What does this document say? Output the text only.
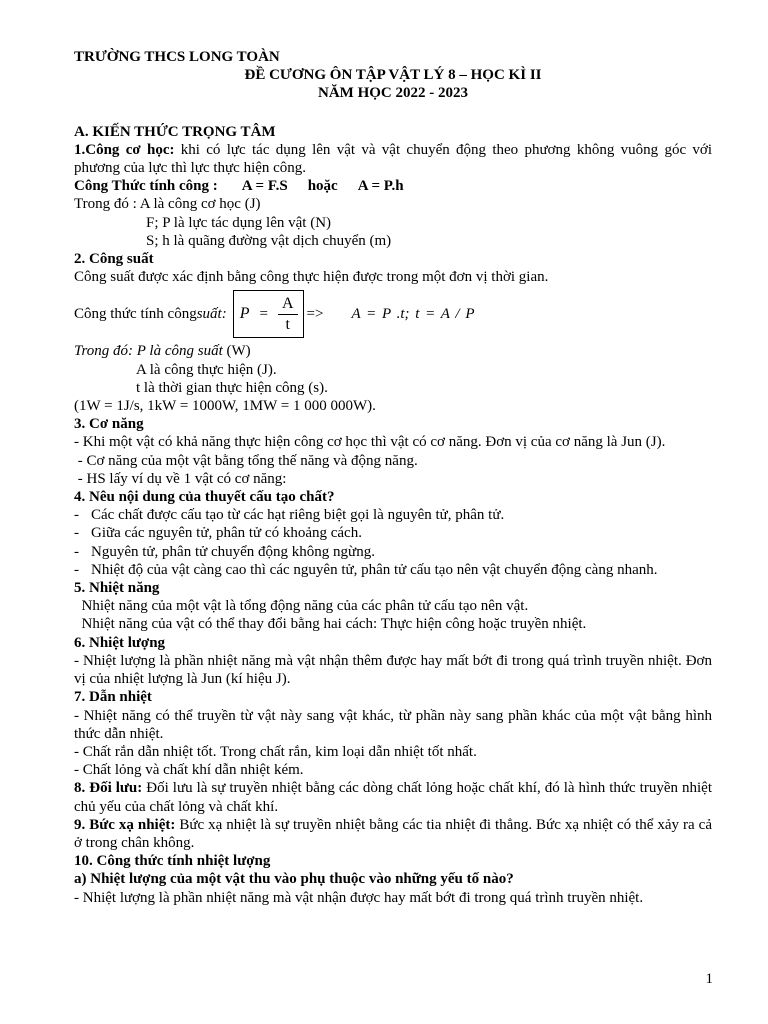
TRƯỜNG THCS LONG TOÀN
ĐỀ CƯƠNG ÔN TẬP VẬT LÝ 8 – HỌC KÌ II
NĂM HỌC 2022 - 2023
A. KIẾN THỨC TRỌNG TÂM
1.Công cơ học: khi có lực tác dụng lên vật và vật chuyển động theo phương không vuông góc với phương của lực thì lực thực hiện công.
Công Thức tính công : A = F.S hoặc A = P.h
Trong đó : A là công cơ học (J)
F; P là lực tác dụng lên vật (N)
S; h là quãng đường vật dịch chuyển (m)
2. Công suất
Công suất được xác định bằng công thực hiện được trong một đơn vị thời gian.
Công thức tính công suất: $P = \frac{A}{t} => A = P$ .t; t = A / P
Trong đó: P là công suất (W)
A là công thực hiện (J).
t là thời gian thực hiện công (s).
(1W = 1J/s, 1kW = 1000W, 1MW = 1 000 000W).
3. Cơ năng
- Khi một vật có khả năng thực hiện công cơ học thì vật có cơ năng. Đơn vị của cơ năng là Jun (J).
- Cơ năng của một vật bằng tổng thế năng và động năng.
- HS lấy ví dụ về 1 vật có cơ năng:
4. Nêu nội dung của thuyết cấu tạo chất?
- Các chất được cấu tạo từ các hạt riêng biệt gọi là nguyên tử, phân tử.
- Giữa các nguyên tử, phân tử có khoảng cách.
- Nguyên tử, phân tử chuyển động không ngừng.
- Nhiệt độ của vật càng cao thì các nguyên tử, phân tử cấu tạo nên vật chuyển động càng nhanh.
5. Nhiệt năng
Nhiệt năng của một vật là tổng động năng của các phân tử cấu tạo nên vật.
Nhiệt năng của vật có thể thay đổi bằng hai cách: Thực hiện công hoặc truyền nhiệt.
6. Nhiệt lượng
- Nhiệt lượng là phần nhiệt năng mà vật nhận thêm được hay mất bớt đi trong quá trình truyền nhiệt. Đơn vị của nhiệt lượng là Jun (kí hiệu J).
7. Dẫn nhiệt
- Nhiệt năng có thể truyền từ vật này sang vật khác, từ phần này sang phần khác của một vật bằng hình thức dẫn nhiệt.
- Chất rắn dẫn nhiệt tốt. Trong chất rắn, kim loại dẫn nhiệt tốt nhất.
- Chất lỏng và chất khí dẫn nhiệt kém.
8. Đối lưu: Đối lưu là sự truyền nhiệt bằng các dòng chất lỏng hoặc chất khí, đó là hình thức truyền nhiệt chủ yếu của chất lỏng và chất khí.
9. Bức xạ nhiệt: Bức xạ nhiệt là sự truyền nhiệt bằng các tia nhiệt đi thẳng. Bức xạ nhiệt có thể xảy ra cả ở trong chân không.
10. Công thức tính nhiệt lượng
a) Nhiệt lượng của một vật thu vào phụ thuộc vào những yếu tố nào?
- Nhiệt lượng là phần nhiệt năng mà vật nhận được hay mất bớt đi trong quá trình truyền nhiệt.
1
